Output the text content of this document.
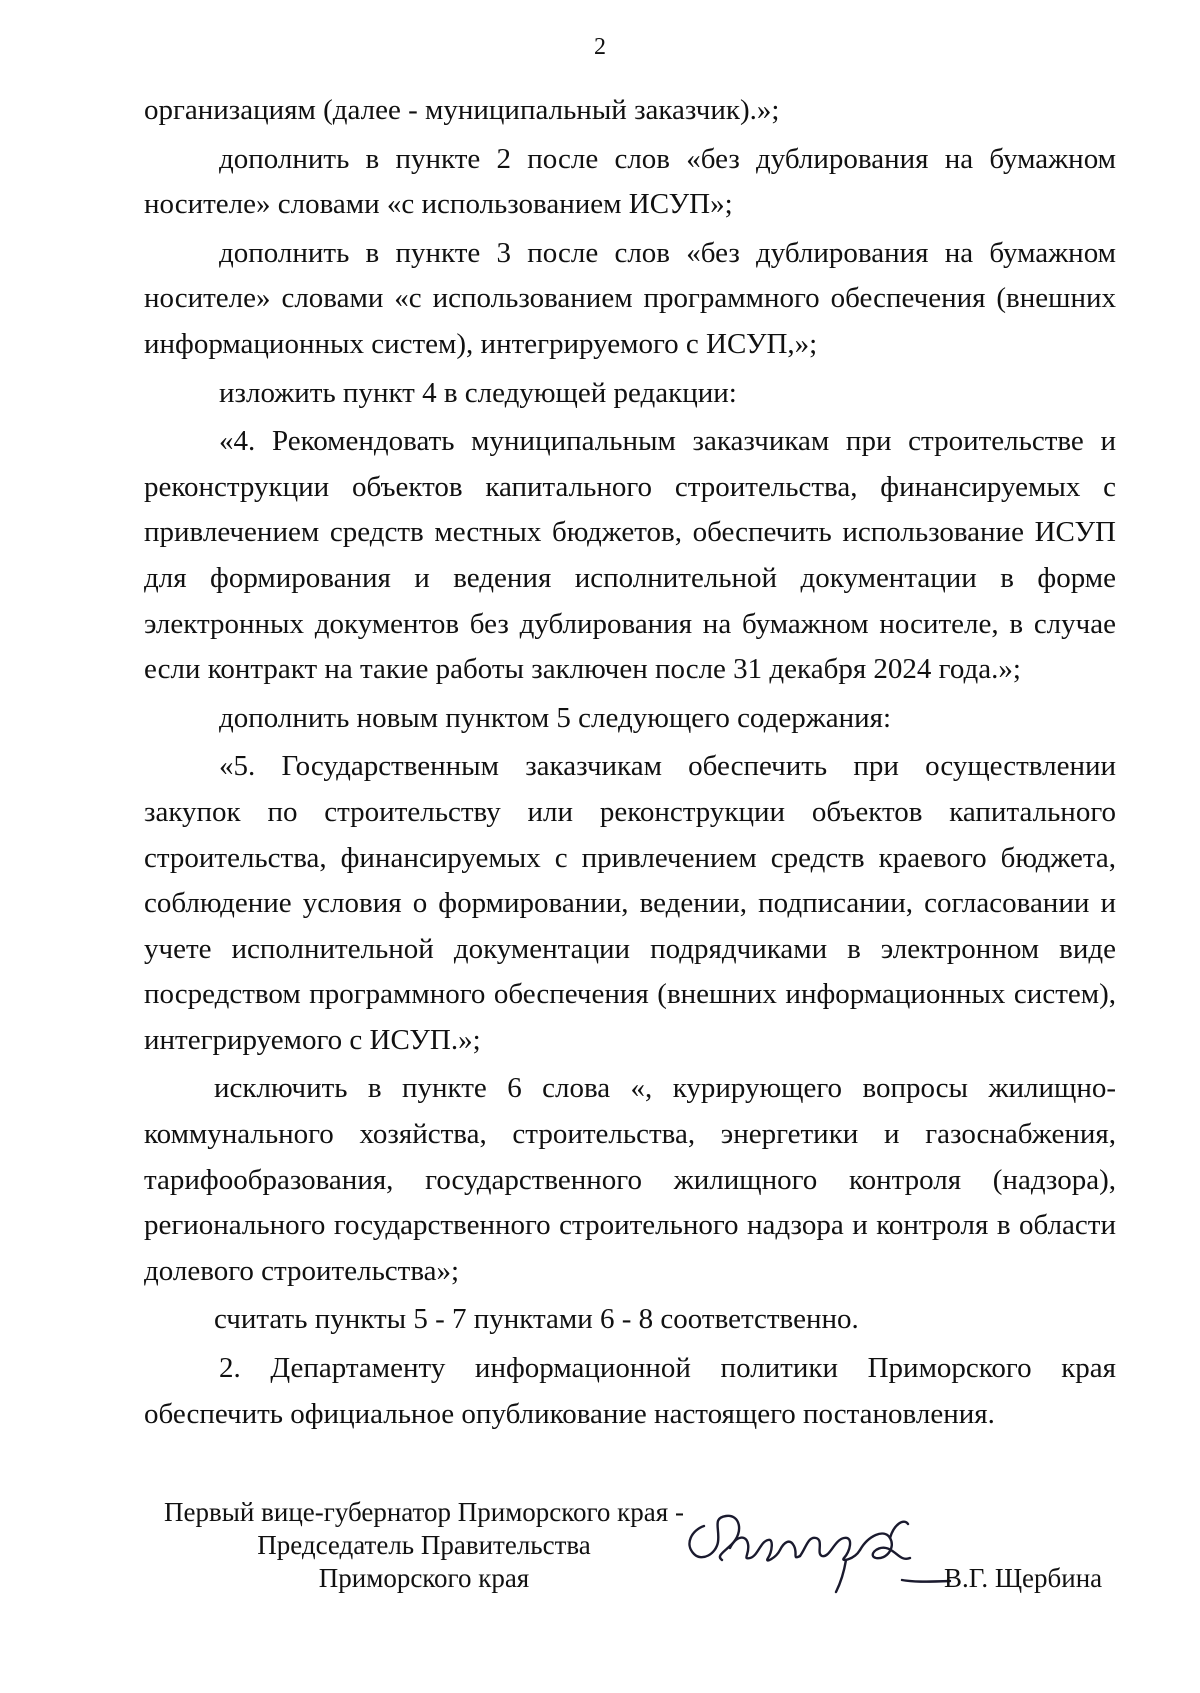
2

организациям (далее - муниципальный заказчик).»;

дополнить в пункте 2 после слов «без дублирования на бумажном носителе» словами «с использованием ИСУП»;

дополнить в пункте 3 после слов «без дублирования на бумажном носителе» словами «с использованием программного обеспечения (внешних информационных систем), интегрируемого с ИСУП,»;

изложить пункт 4 в следующей редакции:

«4. Рекомендовать муниципальным заказчикам при строительстве и реконструкции объектов капитального строительства, финансируемых с привлечением средств местных бюджетов, обеспечить использование ИСУП для формирования и ведения исполнительной документации в форме электронных документов без дублирования на бумажном носителе, в случае если контракт на такие работы заключен после 31 декабря 2024 года.»;

дополнить новым пунктом 5 следующего содержания:

«5. Государственным заказчикам обеспечить при осуществлении закупок по строительству или реконструкции объектов капитального строительства, финансируемых с привлечением средств краевого бюджета, соблюдение условия о формировании, ведении, подписании, согласовании и учете исполнительной документации подрядчиками в электронном виде посредством программного обеспечения (внешних информационных систем), интегрируемого с ИСУП.»;

исключить в пункте 6 слова «, курирующего вопросы жилищно-коммунального хозяйства, строительства, энергетики и газоснабжения, тарифообразования, государственного жилищного контроля (надзора), регионального государственного строительного надзора и контроля в области долевого строительства»;

считать пункты 5 - 7 пунктами 6 - 8 соответственно.

2. Департаменту информационной политики Приморского края обеспечить официальное опубликование настоящего постановления.

Первый вице-губернатор Приморского края -
Председатель Правительства
Приморского края	В.Г. Щербина
